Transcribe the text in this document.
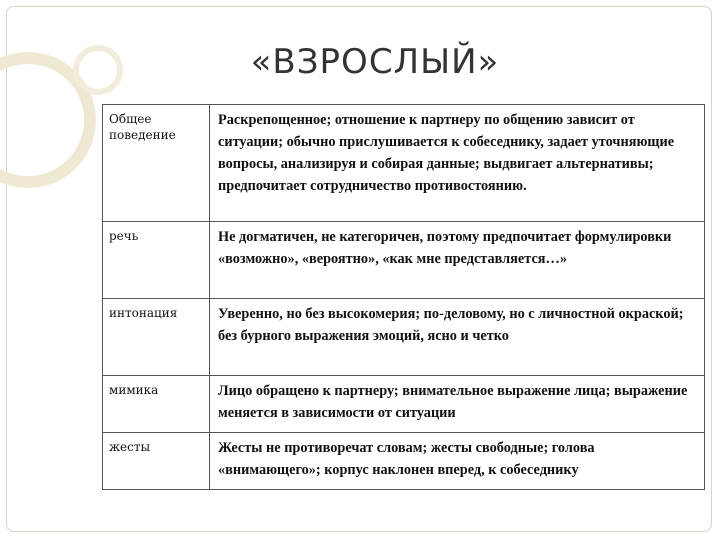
«ВЗРОСЛЫЙ»
Общее поведение	Раскрепощенное; отношение к партнеру по общению зависит от ситуации; обычно прислушивается к собеседнику, задает уточняющие вопросы, анализируя и собирая данные; выдвигает альтернативы; предпочитает сотрудничество противостоянию.
речь	Не догматичен, не категоричен, поэтому предпочитает формулировки «возможно», «вероятно», «как мне представляется…»
интонация	Уверенно, но без высокомерия; по-деловому, но с личностной окраской; без бурного выражения эмоций, ясно и четко
мимика	Лицо обращено к партнеру; внимательное выражение лица; выражение меняется в зависимости от ситуации
жесты	Жесты не противоречат словам; жесты свободные; голова «внимающего»; корпус наклонен вперед, к собеседнику
